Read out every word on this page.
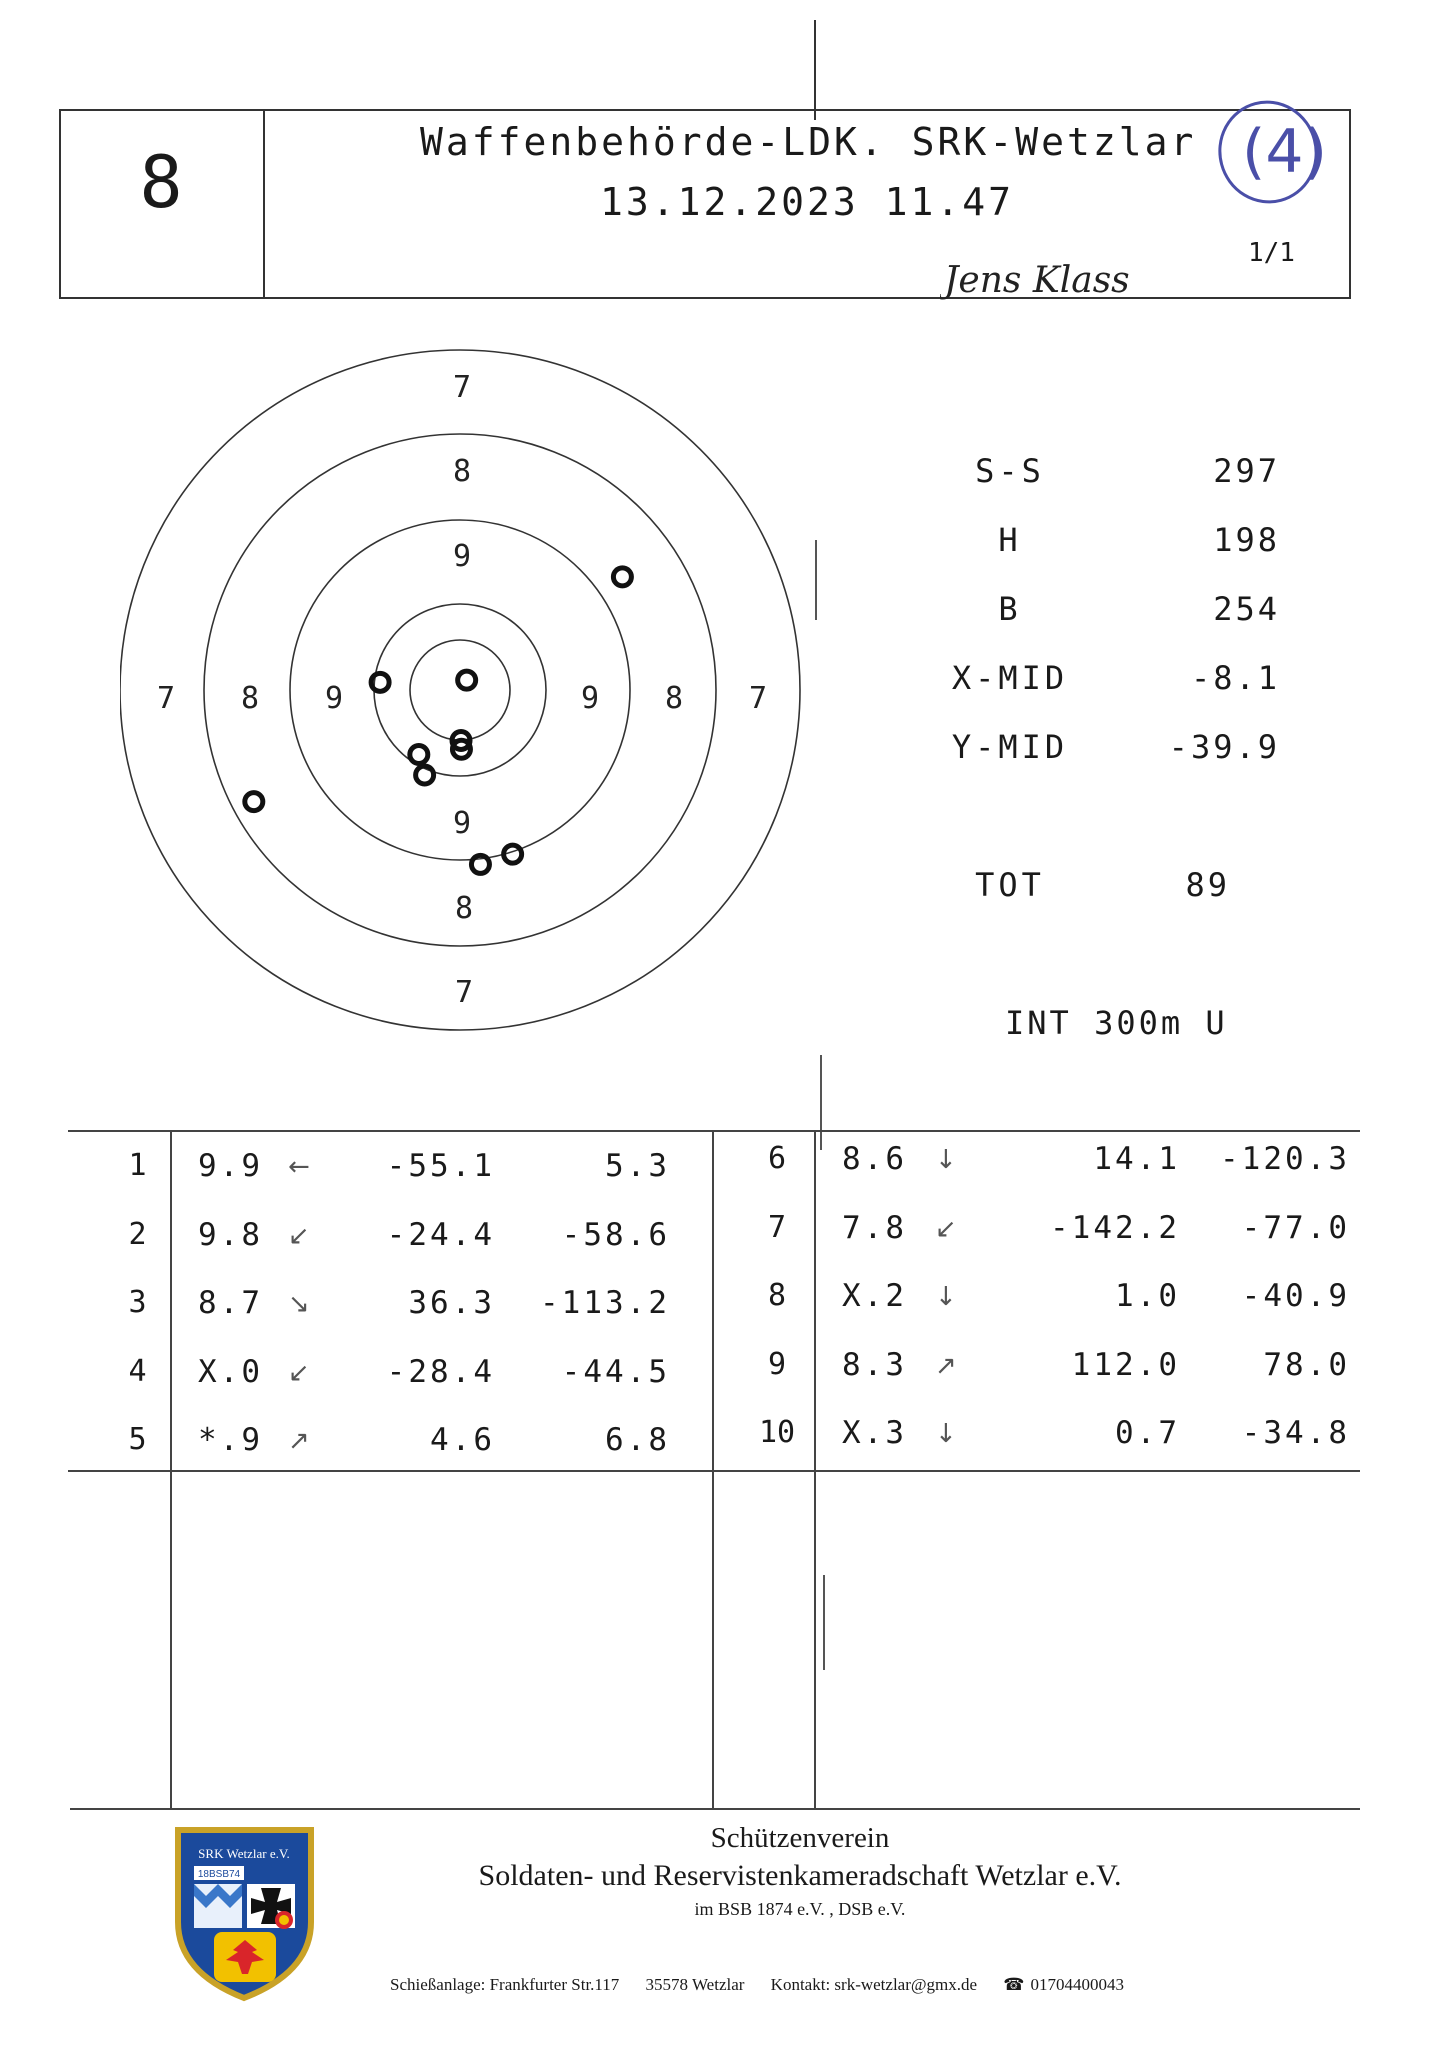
8	Waffenbehörde-LDK. SRK-Wetzlar
13.12.2023 11.47
1/1
(4)
Jens Klass
7
8
9
7 8 9	9 8 7
9
8
7
S-S	297
H	198
B	254
X-MID	-8.1
Y-MID	-39.9
TOT	89
INT 300m U
1	9.9 ←	-55.1	5.3
2	9.8 ↙	-24.4	-58.6
3	8.7 ↘	36.3	-113.2
4	X.0 ↙	-28.4	-44.5
5	*.9 ↗	4.6	6.8
6	8.6	↓	14.1	-120.3
7	7.8	↙	-142.2	-77.0
8	X.2	↓	1.0	-40.9
9	8.3	↗	112.0	78.0
10 X.3	↓	0.7	-34.8
SRK Wetzlar e.V.
18BSB74
Schützenverein
Soldaten- und Reservistenkameradschaft Wetzlar e.V.
im BSB 1874 e.V. , DSB e.V.
Schießanlage: Frankfurter Str.117 35578 Wetzlar Kontakt: srk-wetzlar@gmx.de ☎ 01704400043
